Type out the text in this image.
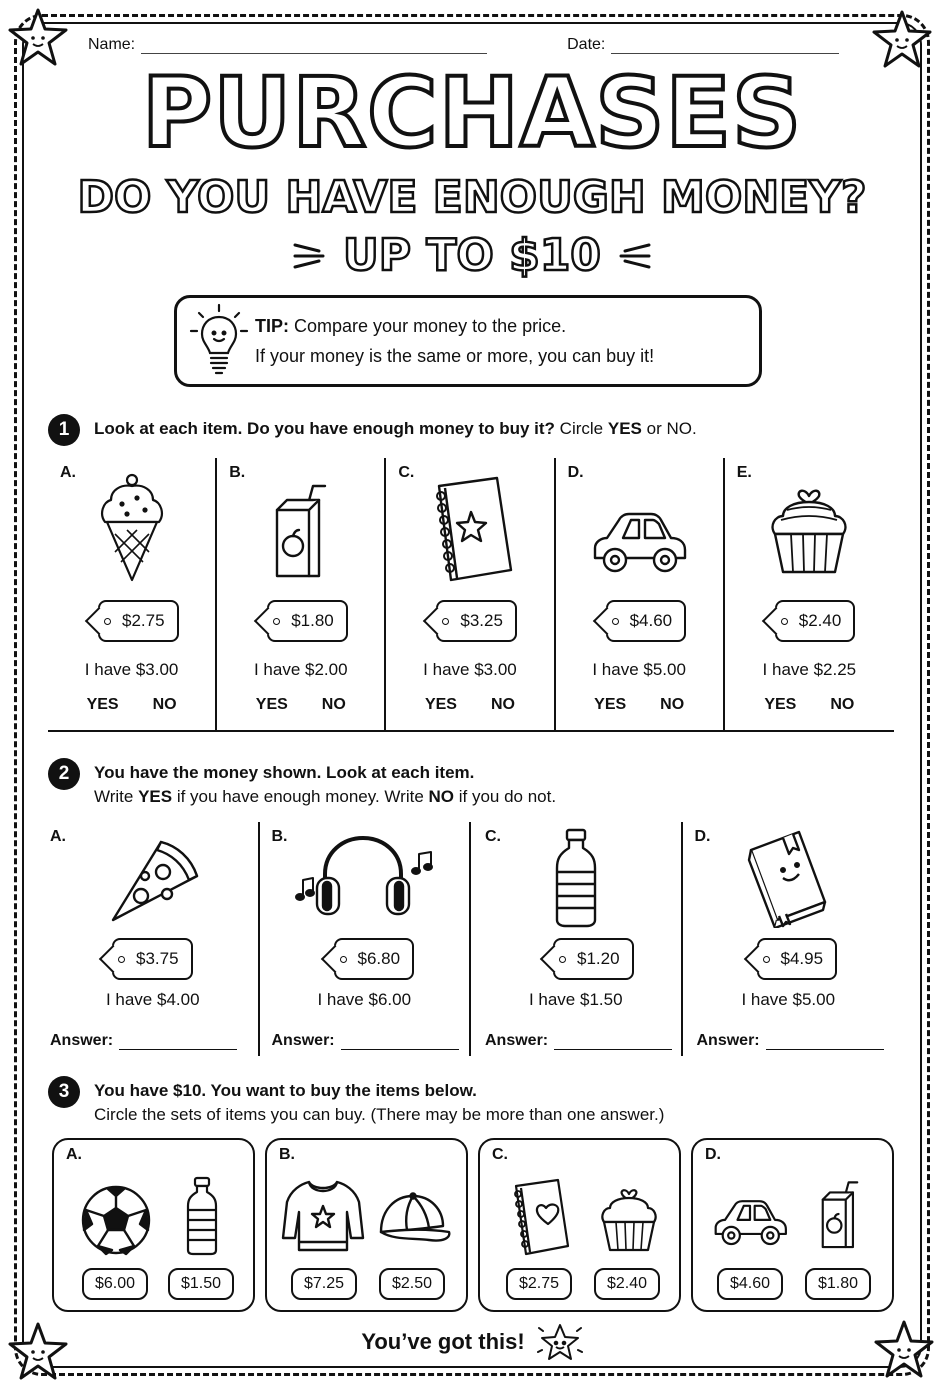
Name:	Date:
PURCHASES
DO YOU HAVE ENOUGH MONEY?
UP TO $10
TIP: Compare your money to the price.
If your money is the same or more, you can buy it!
1	Look at each item. Do you have enough money to buy it? Circle YES or NO.
A.
$2.75
I have $3.00
YES NO
B.
$1.80
I have $2.00
YES NO
C.
$3.25
I have $3.00
YES NO
D.
$4.60
I have $5.00
YES NO
E.
$2.40
I have $2.25
YES NO
2	You have the money shown. Look at each item.
Write YES if you have enough money. Write NO if you do not.
A.
$3.75
I have $4.00
Answer:
B.
$6.80
I have $6.00
Answer:
C.
$1.20
I have $1.50
Answer:
D.
$4.95
I have $5.00
Answer:
3	You have $10. You want to buy the items below.
Circle the sets of items you can buy. (There may be more than one answer.)
A.
$6.00	$1.50
B.
$7.25	$2.50
C.
$2.75	$2.40
D.
$4.60	$1.80
You’ve got this!
